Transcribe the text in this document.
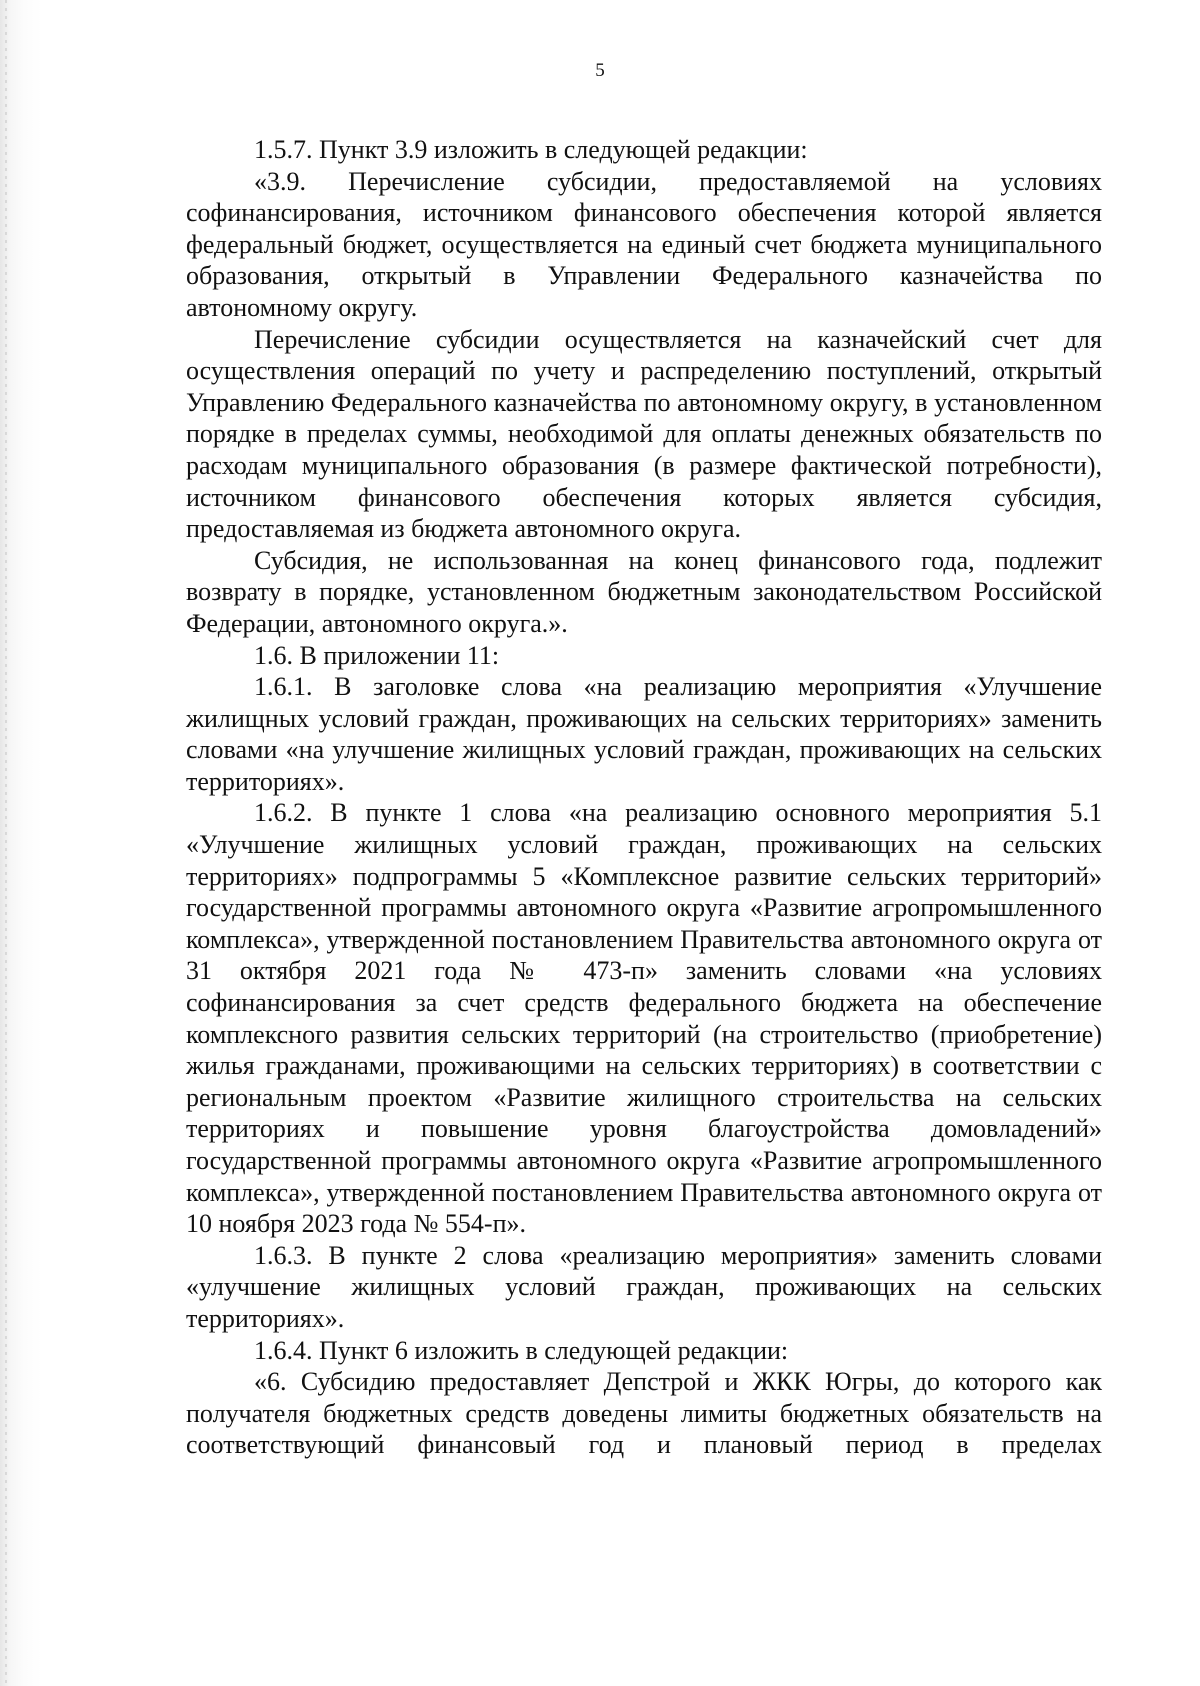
5

1.5.7. Пункт 3.9 изложить в следующей редакции:

«3.9. Перечисление субсидии, предоставляемой на условиях софинансирования, источником финансового обеспечения которой является федеральный бюджет, осуществляется на единый счет бюджета муниципального образования, открытый в Управлении Федерального казначейства по автономному округу.

Перечисление субсидии осуществляется на казначейский счет для осуществления операций по учету и распределению поступлений, открытый Управлению Федерального казначейства по автономному округу, в установленном порядке в пределах суммы, необходимой для оплаты денежных обязательств по расходам муниципального образования (в размере фактической потребности), источником финансового обеспечения которых является субсидия, предоставляемая из бюджета автономного округа.

Субсидия, не использованная на конец финансового года, подлежит возврату в порядке, установленном бюджетным законодательством Российской Федерации, автономного округа.».

1.6. В приложении 11:

1.6.1. В заголовке слова «на реализацию мероприятия «Улучшение жилищных условий граждан, проживающих на сельских территориях» заменить словами «на улучшение жилищных условий граждан, проживающих на сельских территориях».

1.6.2. В пункте 1 слова «на реализацию основного мероприятия 5.1 «Улучшение жилищных условий граждан, проживающих на сельских территориях» подпрограммы 5 «Комплексное развитие сельских территорий» государственной программы автономного округа «Развитие агропромышленного комплекса», утвержденной постановлением Правительства автономного округа от 31 октября 2021 года № 473-п» заменить словами «на условиях софинансирования за счет средств федерального бюджета на обеспечение комплексного развития сельских территорий (на строительство (приобретение) жилья гражданами, проживающими на сельских территориях) в соответствии с региональным проектом «Развитие жилищного строительства на сельских территориях и повышение уровня благоустройства домовладений» государственной программы автономного округа «Развитие агропромышленного комплекса», утвержденной постановлением Правительства автономного округа от 10 ноября 2023 года № 554-п».

1.6.3. В пункте 2 слова «реализацию мероприятия» заменить словами «улучшение жилищных условий граждан, проживающих на сельских территориях».

1.6.4. Пункт 6 изложить в следующей редакции:

«6. Субсидию предоставляет Депстрой и ЖКК Югры, до которого как получателя бюджетных средств доведены лимиты бюджетных обязательств на соответствующий финансовый год и плановый период в пределах
